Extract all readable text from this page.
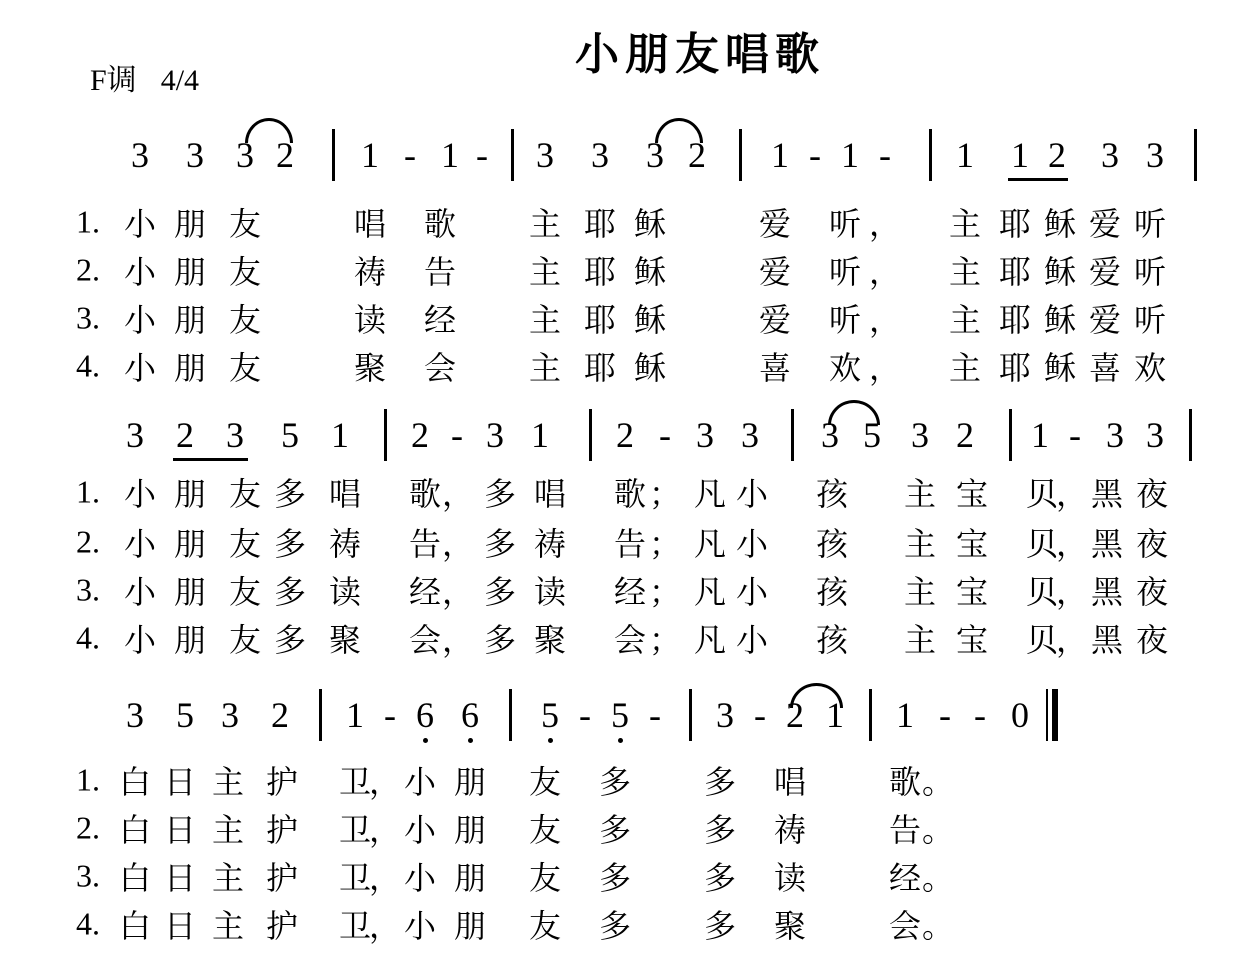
小朋友唱歌
F调 4/4
3 3 3 2 1 - 1 - 3 3 3 2 1 - 1 - 1 1 2 3 3
3 2 3 5 1 2 - 3 1 2 - 3 3 3 5 3 2 1 - 3 3
3 5 3 2 1 - 6 6 5 - 5 - 3 - 2 1 1 - - 0
1. 小 朋 友	唱 歌 主 耶 稣	爱 听 ， 主 耶 稣 爱 听
2. 小 朋 友	祷 告 主 耶 稣	爱 听 ， 主 耶 稣 爱 听
3. 小 朋 友	读 经 主 耶 稣	爱 听 ， 主 耶 稣 爱 听
4. 小 朋 友	聚 会 主 耶 稣	喜 欢 ， 主 耶 稣 喜 欢
1. 小 朋 友 多 唱 歌 ， 多 唱 歌 ； 凡 小 孩 主 宝 贝
， 黑 夜
2. 小 朋 友 多 祷 告 ， 多 祷 告 ； 凡 小 孩 主 宝 贝
， 黑 夜
3. 小 朋 友 多 读 经 ， 多 读 经 ； 凡 小 孩 主 宝 贝
， 黑 夜
4. 小 朋 友 多 聚 会 ， 多 聚 会 ； 凡 小 孩 主 宝 贝
， 黑 夜
1. 白 日 主 护 卫
， 小 朋 友 多 多 唱	歌 。
2. 白 日 主 护 卫
， 小 朋 友 多 多 祷	告 。
3. 白 日 主 护 卫
， 小 朋 友 多 多 读	经 。
4. 白 日 主 护 卫
， 小 朋 友 多 多 聚	会 。
